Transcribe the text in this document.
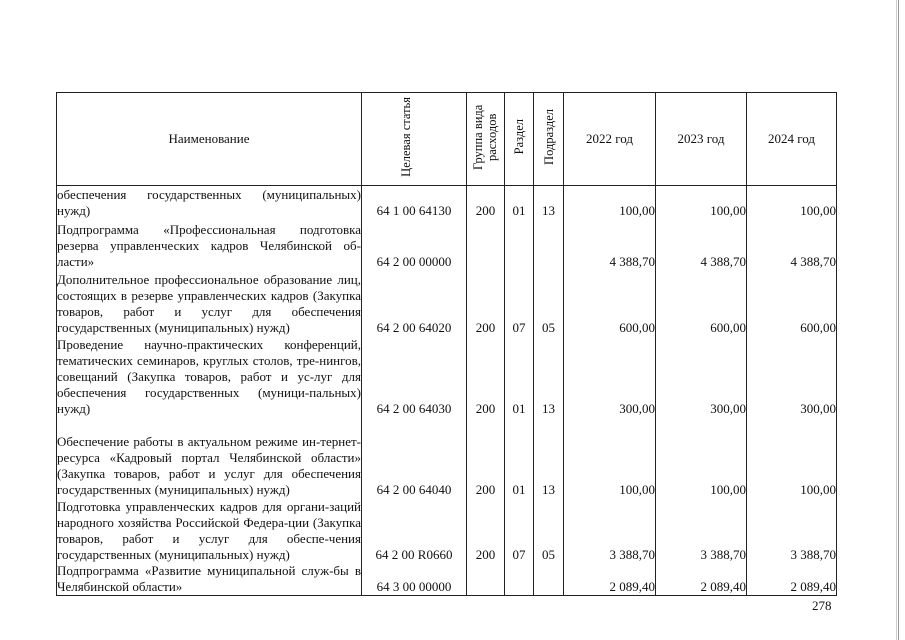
Наименование	Целевая статья	Группа вида расходов	Раздел	Подраздел	2022 год	2023 год	2024 год

обеспечения государственных (муниципальных) нужд)	64 1 00 64130	200	01	13	100,00	100,00	100,00

Подпрограмма «Профессиональная подготовка резерва управленческих кадров Челябинской об-ласти»	64 2 00 00000				4 388,70	4 388,70	4 388,70

Дополнительное профессиональное образование лиц, состоящих в резерве управленческих кадров (Закупка товаров, работ и услуг для обеспечения государственных (муниципальных) нужд)	64 2 00 64020	200	07	05	600,00	600,00	600,00

Проведение научно-практических конференций, тематических семинаров, круглых столов, тре-нингов, совещаний (Закупка товаров, работ и ус-луг для обеспечения государственных (муници-пальных) нужд)	64 2 00 64030	200	01	13	300,00	300,00	300,00

Обеспечение работы в актуальном режиме ин-тернет-ресурса «Кадровый портал Челябинской области» (Закупка товаров, работ и услуг для обеспечения государственных (муниципальных) нужд)	64 2 00 64040	200	01	13	100,00	100,00	100,00

Подготовка управленческих кадров для органи-заций народного хозяйства Российской Федера-ции (Закупка товаров, работ и услуг для обеспе-чения государственных (муниципальных) нужд)	64 2 00 R0660	200	07	05	3 388,70	3 388,70	3 388,70

Подпрограмма «Развитие муниципальной служ-бы в Челябинской области»	64 3 00 00000				2 089,40	2 089,40	2 089,40
278
